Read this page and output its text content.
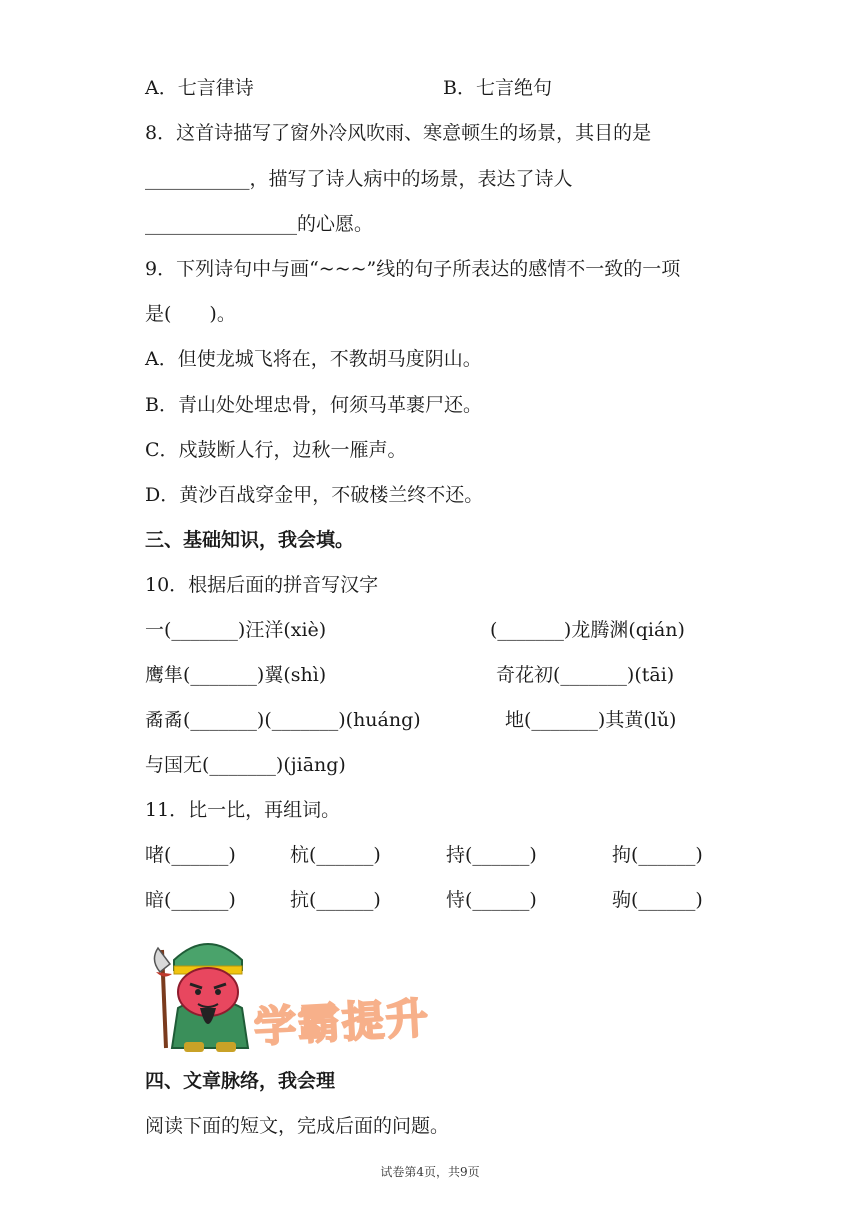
A．七言律诗	B．七言绝句
8．这首诗描写了窗外冷风吹雨、寒意顿生的场景，其目的是
___________，描写了诗人病中的场景，表达了诗人
________________的心愿。
9．下列诗句中与画“~~~”线的句子所表达的感情不一致的一项
是(　　)。
A．但使龙城飞将在，不教胡马度阴山。
B．青山处处埋忠骨，何须马革裹尸还。
C．戍鼓断人行，边秋一雁声。
D．黄沙百战穿金甲，不破楼兰终不还。
三、基础知识，我会填。
10．根据后面的拼音写汉字
一(_______)汪洋(xiè)	(_______)龙腾渊(qián)
鹰隼(_______)翼(shì)	奇花初(_______)(tāi)
矞矞(_______)(_______)(huáng)	地(_______)其黄(lǔ)
与国无(_______)(jiāng)
11．比一比，再组词。
啫(______)	杭(______)	持(______)	拘(______)
暗(______)	抗(______)	恃(______)	驹(______)
学霸提升
四、文章脉络，我会理
阅读下面的短文，完成后面的问题。
试卷第4页，共9页
